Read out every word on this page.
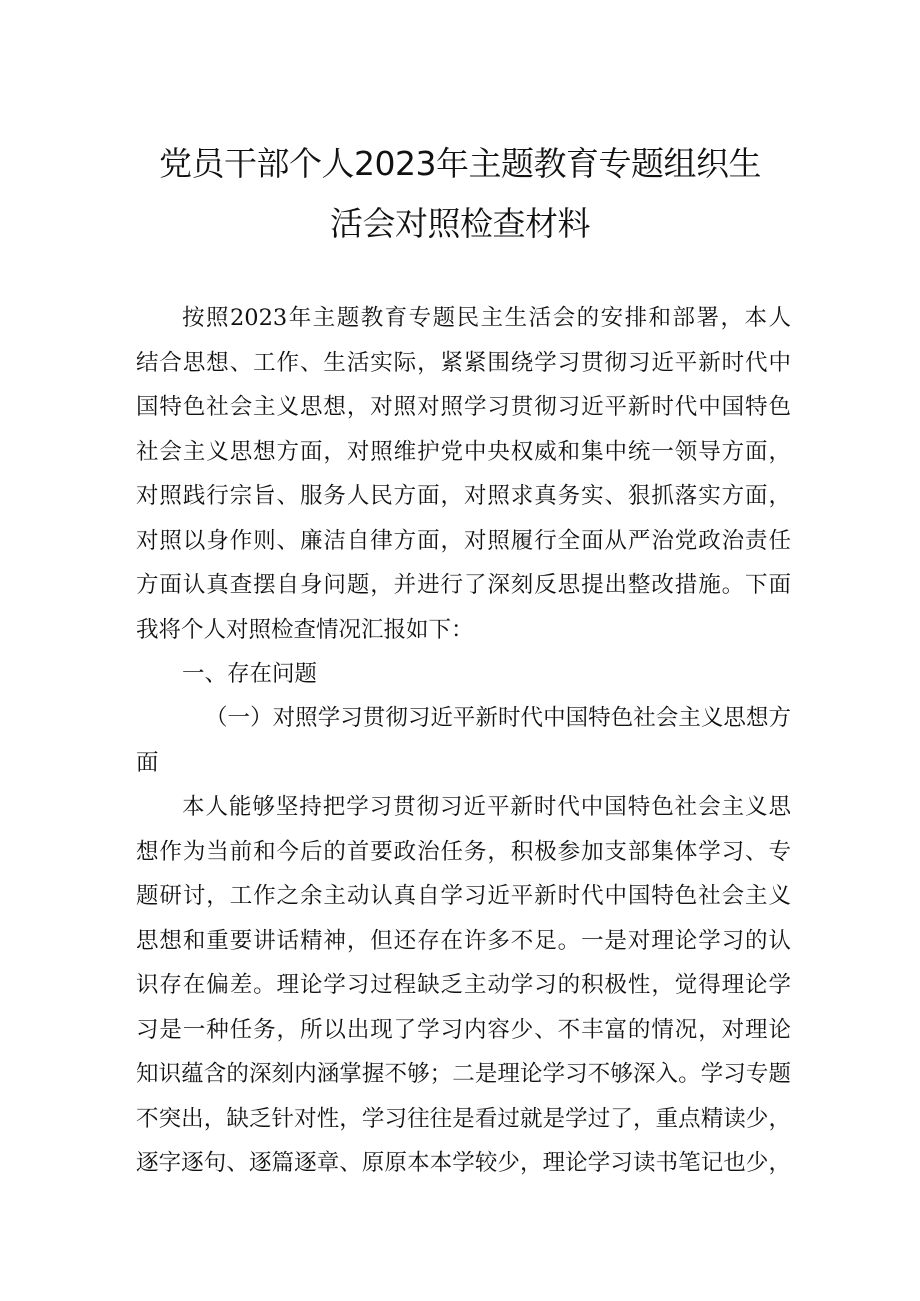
党员干部个人2023年主题教育专题组织生
活会对照检查材料

按照2023年主题教育专题民主生活会的安排和部署，本人

结合思想、工作、生活实际，紧紧围绕学习贯彻习近平新时代中

国特色社会主义思想，对照对照学习贯彻习近平新时代中国特色

社会主义思想方面，对照维护党中央权威和集中统一领导方面，

对照践行宗旨、服务人民方面，对照求真务实、狠抓落实方面，

对照以身作则、廉洁自律方面，对照履行全面从严治党政治责任

方面认真查摆自身问题，并进行了深刻反思提出整改措施。下面

我将个人对照检查情况汇报如下：

一、存在问题

（一）对照学习贯彻习近平新时代中国特色社会主义思想方

面

本人能够坚持把学习贯彻习近平新时代中国特色社会主义思

想作为当前和今后的首要政治任务，积极参加支部集体学习、专

题研讨，工作之余主动认真自学习近平新时代中国特色社会主义

思想和重要讲话精神，但还存在许多不足。一是对理论学习的认

识存在偏差。理论学习过程缺乏主动学习的积极性，觉得理论学

习是一种任务，所以出现了学习内容少、不丰富的情况，对理论

知识蕴含的深刻内涵掌握不够；二是理论学习不够深入。学习专题

不突出，缺乏针对性，学习往往是看过就是学过了，重点精读少，

逐字逐句、逐篇逐章、原原本本学较少，理论学习读书笔记也少，
